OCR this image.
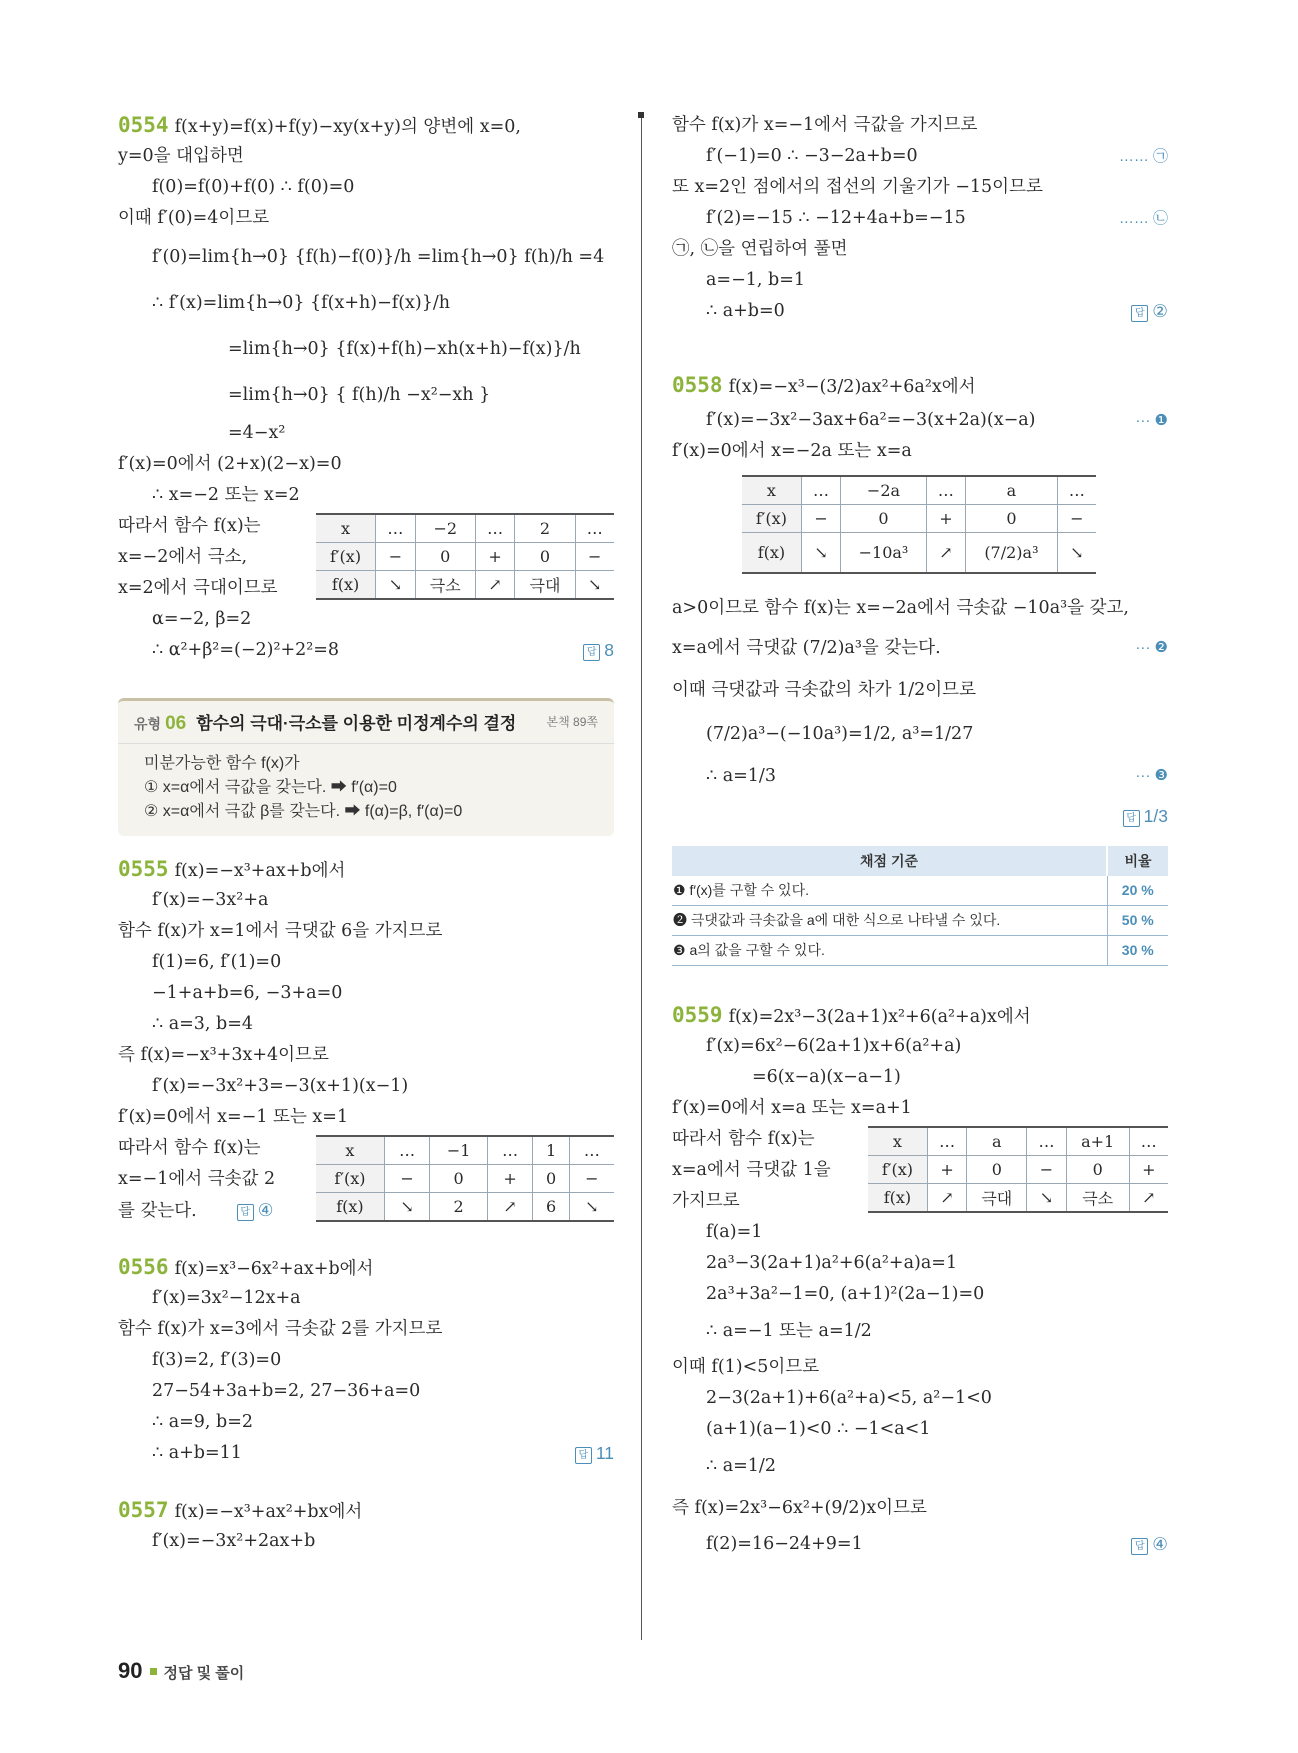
0554 f(x+y)=f(x)+f(y)−xy(x+y)의 양변에 x=0,
y=0을 대입하면
f(0)=f(0)+f(0) ∴ f(0)=0
이때 f′(0)=4이므로
f′(0)=lim{h→0} {f(h)−f(0)}/h =lim{h→0} f(h)/h =4
∴ f′(x)=lim{h→0} {f(x+h)−f(x)}/h
=lim{h→0} {f(x)+f(h)−xh(x+h)−f(x)}/h
=lim{h→0} { f(h)/h −x²−xh }
=4−x²
f′(x)=0에서 (2+x)(2−x)=0
∴ x=−2 또는 x=2
따라서 함수 f(x)는
x=−2에서 극소,
x=2에서 극대이므로
x	…	−2	…	2	…
f′(x)	−	0	+	0	−
f(x)	↘	극소	↗	극대	↘
α=−2, β=2
∴ α²+β²=(−2)²+2²=8	답 8
유형 06 함수의 극대·극소를 이용한 미정계수의 결정	본책 89쪽
미분가능한 함수 f(x)가
① x=α에서 극값을 갖는다. ➡ f′(α)=0
② x=α에서 극값 β를 갖는다. ➡ f(α)=β, f′(α)=0
0555 f(x)=−x³+ax+b에서
f′(x)=−3x²+a
함수 f(x)가 x=1에서 극댓값 6을 가지므로
f(1)=6, f′(1)=0
−1+a+b=6, −3+a=0
∴ a=3, b=4
즉 f(x)=−x³+3x+4이므로
f′(x)=−3x²+3=−3(x+1)(x−1)
f′(x)=0에서 x=−1 또는 x=1
따라서 함수 f(x)는
x=−1에서 극솟값 2
를 갖는다.	답 ④
x	…	−1	…	1	…
f′(x)	−	0	+	0	−
f(x)	↘	2	↗	6	↘
0556 f(x)=x³−6x²+ax+b에서
f′(x)=3x²−12x+a
함수 f(x)가 x=3에서 극솟값 2를 가지므로
f(3)=2, f′(3)=0
27−54+3a+b=2, 27−36+a=0
∴ a=9, b=2
∴ a+b=11	답 11
0557 f(x)=−x³+ax²+bx에서
f′(x)=−3x²+2ax+b
함수 f(x)가 x=−1에서 극값을 가지므로
f′(−1)=0 ∴ −3−2a+b=0	…… ㉠
또 x=2인 점에서의 접선의 기울기가 −15이므로
f′(2)=−15 ∴ −12+4a+b=−15	…… ㉡
㉠, ㉡을 연립하여 풀면
a=−1, b=1
∴ a+b=0	답 ②
0558 f(x)=−x³−(3/2)ax²+6a²x에서
f′(x)=−3x²−3ax+6a²=−3(x+2a)(x−a)	··· ❶
f′(x)=0에서 x=−2a 또는 x=a
x	…	−2a	…	a	…
f′(x)	−	0	+	0	−
f(x)	↘	−10a³	↗	(7/2)a³	↘
a>0이므로 함수 f(x)는 x=−2a에서 극솟값 −10a³을 갖고,
x=a에서 극댓값 (7/2)a³을 갖는다.	··· ❷
이때 극댓값과 극솟값의 차가 1/2이므로
(7/2)a³−(−10a³)=1/2, a³=1/27
∴ a=1/3	··· ❸
답 1/3
채점 기준	비율
❶ f′(x)를 구할 수 있다.	20 %
❷ 극댓값과 극솟값을 a에 대한 식으로 나타낼 수 있다.	50 %
❸ a의 값을 구할 수 있다.	30 %
0559 f(x)=2x³−3(2a+1)x²+6(a²+a)x에서
f′(x)=6x²−6(2a+1)x+6(a²+a)
=6(x−a)(x−a−1)
f′(x)=0에서 x=a 또는 x=a+1
따라서 함수 f(x)는
x=a에서 극댓값 1을
가지므로
x	…	a	…	a+1	…
f′(x)	+	0	−	0	+
f(x)	↗	극대	↘	극소	↗
f(a)=1
2a³−3(2a+1)a²+6(a²+a)a=1
2a³+3a²−1=0, (a+1)²(2a−1)=0
∴ a=−1 또는 a=1/2
이때 f(1)<5이므로
2−3(2a+1)+6(a²+a)<5, a²−1<0
(a+1)(a−1)<0 ∴ −1<a<1
∴ a=1/2
즉 f(x)=2x³−6x²+(9/2)x이므로
f(2)=16−24+9=1	답 ④
90 정답 및 풀이
